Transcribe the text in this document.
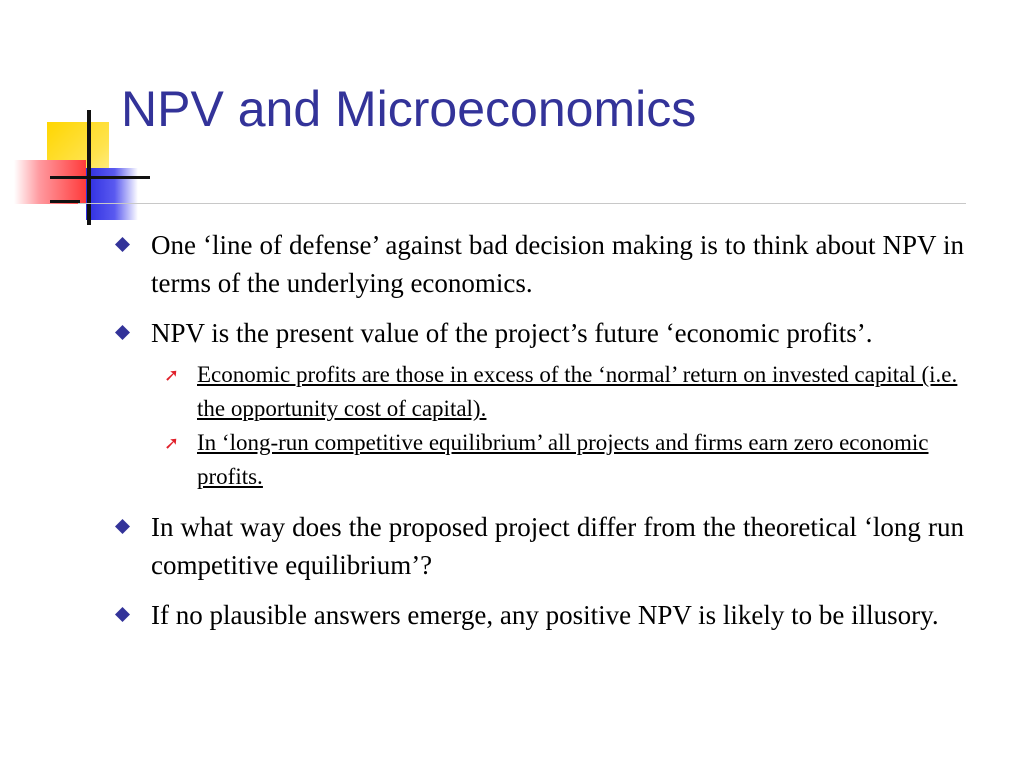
NPV and Microeconomics
One ‘line of defense’ against bad decision making is to think about NPV in terms of the underlying economics.
NPV is the present value of the project’s future ‘economic profits’.
➚ Economic profits are those in excess of the ‘normal’ return on invested capital (i.e. the opportunity cost of capital).
➚ In ‘long-run competitive equilibrium’ all projects and firms earn zero economic profits.
In what way does the proposed project differ from the theoretical ‘long run competitive equilibrium’?
If no plausible answers emerge, any positive NPV is likely to be illusory.
